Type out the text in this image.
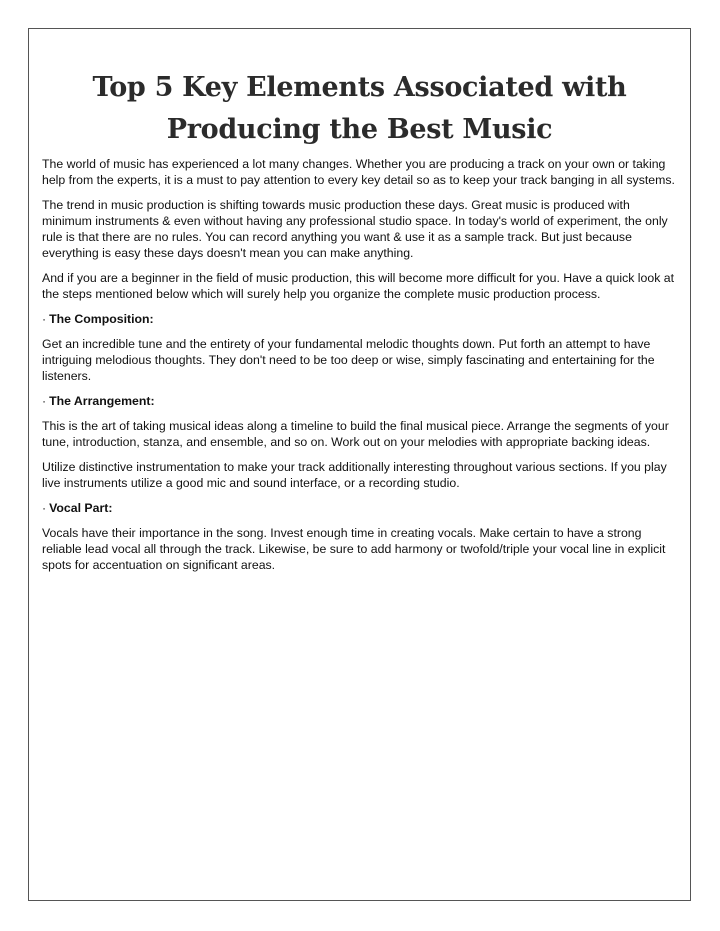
Top 5 Key Elements Associated with
Producing the Best Music

The world of music has experienced a lot many changes. Whether you are producing a track on your own or taking help from the experts, it is a must to pay attention to every key detail so as to keep your track banging in all systems.

The trend in music production is shifting towards music production these days. Great music is produced with minimum instruments & even without having any professional studio space. In today's world of experiment, the only rule is that there are no rules. You can record anything you want & use it as a sample track. But just because everything is easy these days doesn't mean you can make anything.

And if you are a beginner in the field of music production, this will become more difficult for you. Have a quick look at the steps mentioned below which will surely help you organize the complete music production process.

· The Composition:

Get an incredible tune and the entirety of your fundamental melodic thoughts down. Put forth an attempt to have intriguing melodious thoughts. They don't need to be too deep or wise, simply fascinating and entertaining for the listeners.

· The Arrangement:

This is the art of taking musical ideas along a timeline to build the final musical piece. Arrange the segments of your tune, introduction, stanza, and ensemble, and so on. Work out on your melodies with appropriate backing ideas.

Utilize distinctive instrumentation to make your track additionally interesting throughout various sections. If you play live instruments utilize a good mic and sound interface, or a recording studio.

· Vocal Part:

Vocals have their importance in the song. Invest enough time in creating vocals. Make certain to have a strong reliable lead vocal all through the track. Likewise, be sure to add harmony or twofold/triple your vocal line in explicit spots for accentuation on significant areas.
